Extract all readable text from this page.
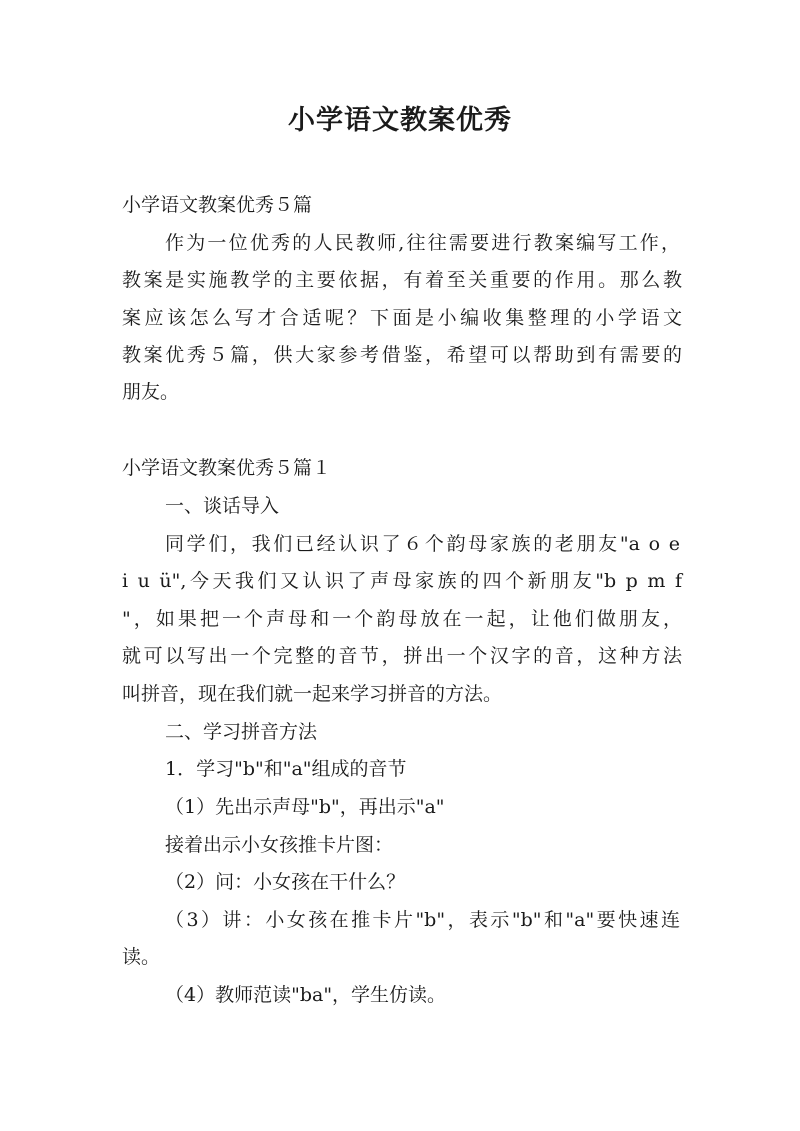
小学语文教案优秀

小学语文教案优秀５篇

作为一位优秀的人民教师,往往需要进行教案编写工作，

教案是实施教学的主要依据，有着至关重要的作用。那么教

案应该怎么写才合适呢？下面是小编收集整理的小学语文

教案优秀５篇，供大家参考借鉴，希望可以帮助到有需要的

朋友。

小学语文教案优秀５篇１

一、谈话导入

同学们，我们已经认识了６个韵母家族的老朋友"a o e

i u ü",今天我们又认识了声母家族的四个新朋友"b p m f

"，如果把一个声母和一个韵母放在一起，让他们做朋友，

就可以写出一个完整的音节，拼出一个汉字的音，这种方法

叫拼音，现在我们就一起来学习拼音的方法。

二、学习拼音方法

1．学习"b"和"a"组成的音节

（1）先出示声母"b"，再出示"a"

接着出示小女孩推卡片图：

（2）问：小女孩在干什么？

（3）讲：小女孩在推卡片"b"，表示"b"和"a"要快速连

读。

（4）教师范读"ba"，学生仿读。
